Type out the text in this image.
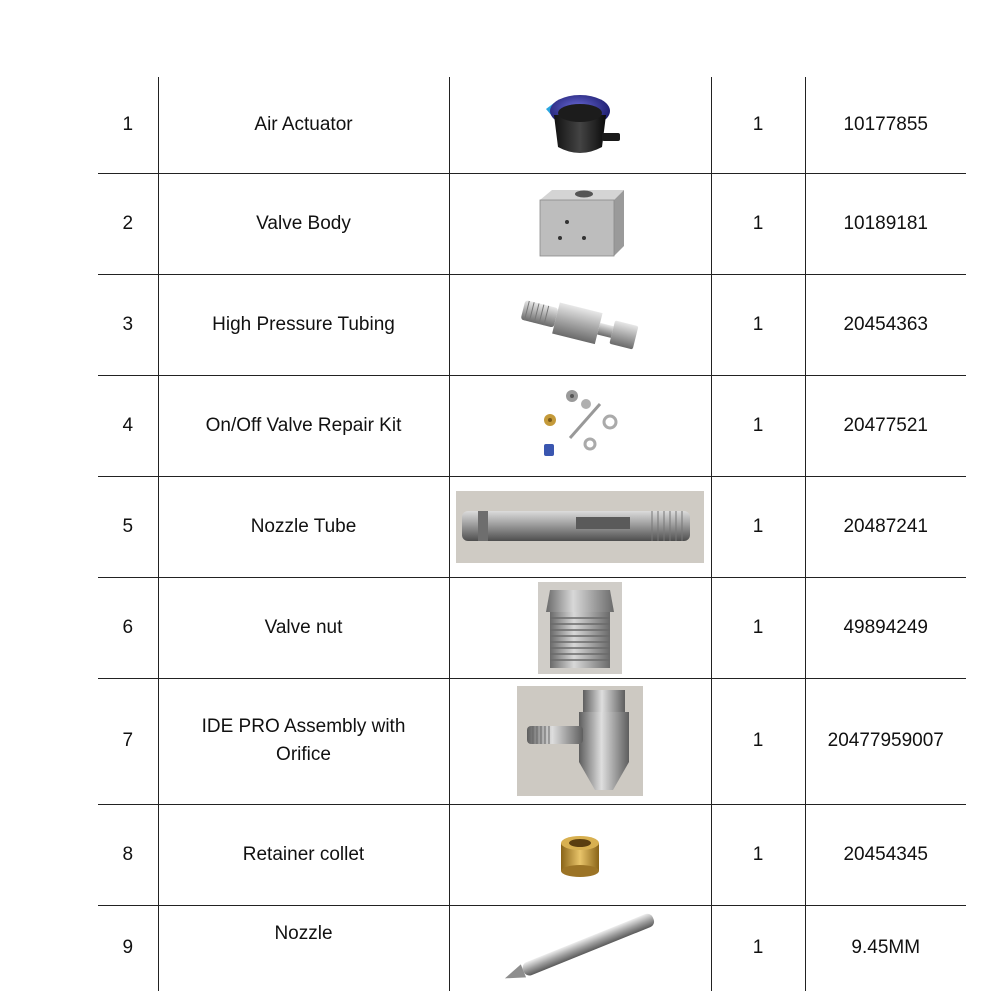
1	Air Actuator		1	10177855
2	Valve Body		1	10189181
3	High Pressure Tubing		1	20454363
4	On/Off Valve Repair Kit		1	20477521
5	Nozzle Tube		1	20487241
6	Valve nut		1	49894249
7	IDE PRO Assembly with Orifice		1	20477959007
8	Retainer collet		1	20454345
9	Nozzle		1	9.45MM
